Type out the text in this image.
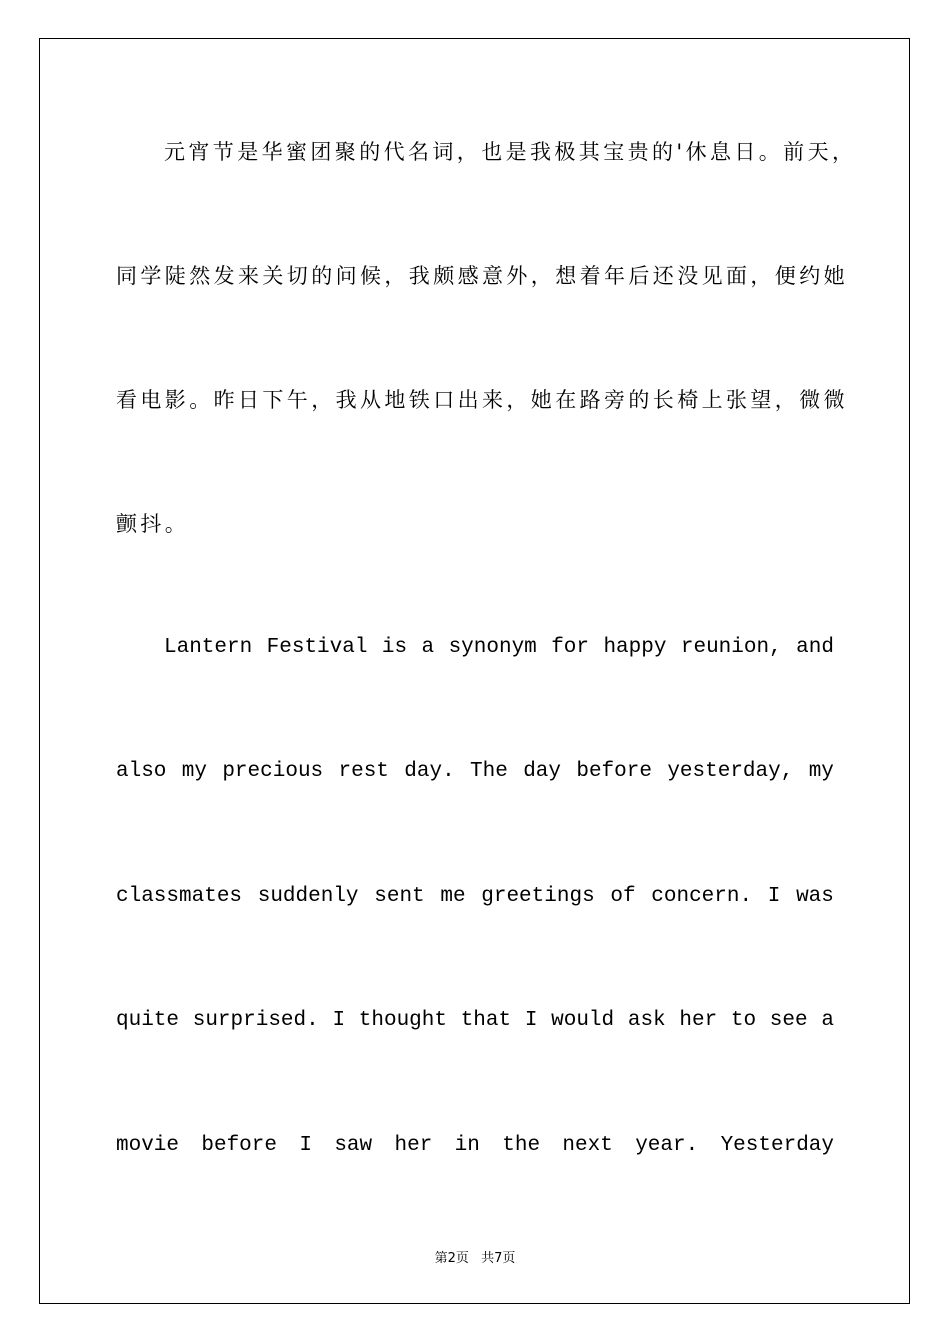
元宵节是华蜜团聚的代名词，也是我极其宝贵的'休息日。前天，
同学陡然发来关切的问候，我颇感意外，想着年后还没见面，便约她
看电影。昨日下午，我从地铁口出来，她在路旁的长椅上张望，微微
颤抖。
Lantern Festival is a synonym for happy reunion, and
also my precious rest day. The day before yesterday, my
classmates suddenly sent me greetings of concern. I was
quite surprised. I thought that I would ask her to see a
movie before I saw her in the next year. Yesterday
第2页 共7页
